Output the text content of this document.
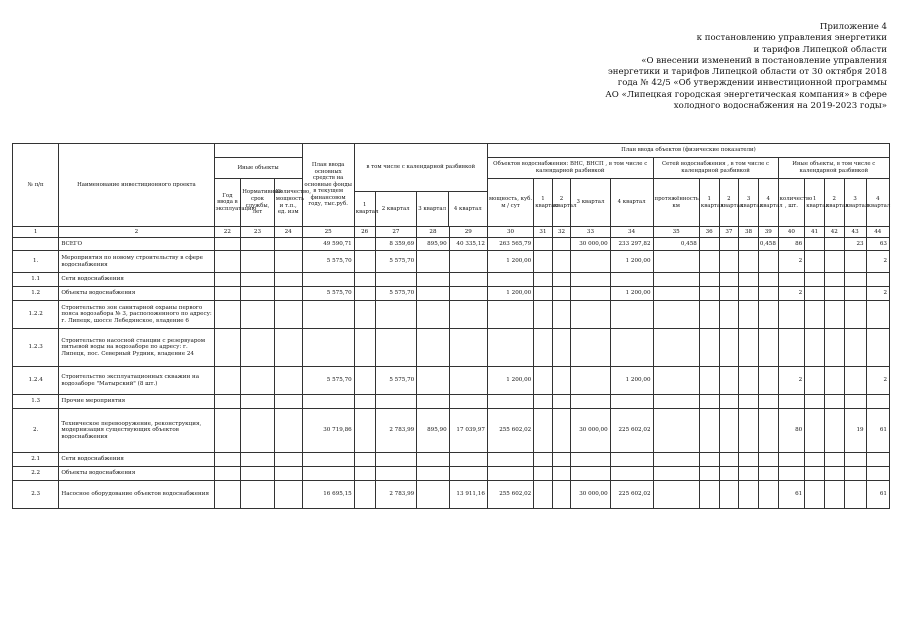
Приложение 4
к постановлению управления энергетики
и тарифов Липецкой области
«О внесении изменений в постановление управления
энергетики и тарифов Липецкой области от 30 октября 2018
года № 42/5 «Об утверждении инвестиционной программы
АО «Липецкая городская энергетическая компания» в сфере
холодного водоснабжения на 2019-2023 годы»
№ п/п	Наименование инвестиционного проекта		План ввода основных средств на основные фонды в текущем финансовом году, тыс.руб.	
в том числе с календарной разбивкой
1 квартал	2 квартал	3 квартал	4 квартал
	План ввода объектов (физические показатели)
Иные объекты	Объектов водоснабжения: ВНС, ВНСП , в том числе с календарной разбивкой	Сетей водоснабжения , в том числе с календарной разбивкой	Иные объекты, в том числе с календарной разбивкой
Год ввода в эксплуатацию	Нормативный срок службы, лет	Количество, мощность и т.п., ед. изм	мощность, куб. м / сут	1 квартал	2 квартал	3 квартал	4 квартал	протяжённость, км	1 квартал	2 квартал	3 квартал	4 квартал	количество , шт.	1 квартал	2 квартал	3 квартал	4 квартал
1	2	22	23	24	25	26	27	28	29	30	31	32	33	34	35	36	37	38	39	40	41	42	43	44
	ВСЕГО				49 590,71		8 359,69	895,90	40 335,12	263 565,79			30 000,00	233 297,82	0,458				0,458	86			23	63
1.	Мероприятия по новому строительству в сфере водоснабжения				5 575,70		5 575,70			1 200,00				1 200,00						2				2
1.1	Сети водоснабжения																							
1.2	Объекты водоснабжения				5 575,70		5 575,70			1 200,00				1 200,00						2				2
1.2.2	Строительство зон санитарной охраны первого пояса водозабора № 3, расположенного по адресу: г. Липецк, шоссе Лебедянское, владение 6																							
1.2.3	Строительство насосной станции с резервуаром питьевой воды на водозаборе по адресу: г. Липецк, пос. Северный Рудник, владение 24																							
1.2.4	Строительство эксплуатационных скважин на водозаборе "Матырский" (8 шт.)				5 575,70		5 575,70			1 200,00				1 200,00						2				2
1.3	Прочие мероприятия																							
2.	Техническое перевооружение, реконструкция, модернизация существующих объектов водоснабжения				30 719,86		2 783,99	895,90	17 039,97	255 602,02			30 000,00	225 602,02						80			19	61
2.1	Сети водоснабжения																							
2.2	Объекты водоснабжения																							
2.3	Насосное оборудование объектов водоснабжения				16 695,15		2 783,99		13 911,16	255 602,02			30 000,00	225 602,02						61				61
